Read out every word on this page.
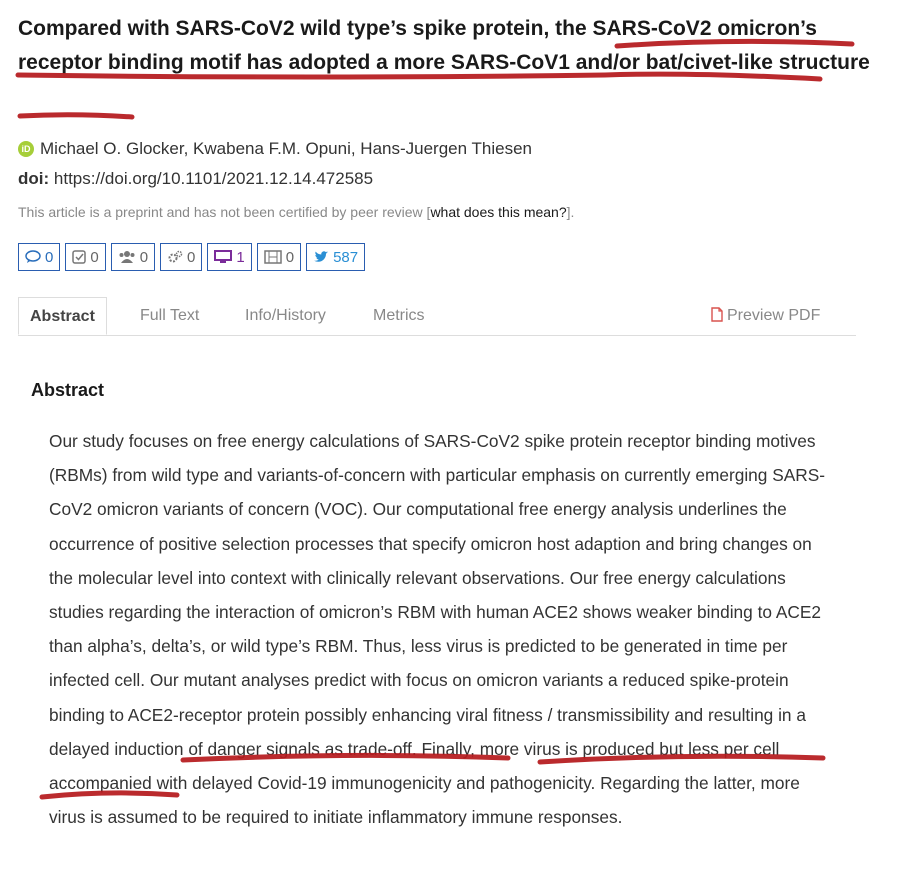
Compared with SARS-CoV2 wild type’s spike protein, the SARS-CoV2 omicron’s receptor binding motif has adopted a more SARS-CoV1 and/or bat/civet-like structure
iD Michael O. Glocker, Kwabena F.M. Opuni, Hans-Juergen Thiesen
doi: https://doi.org/10.1101/2021.12.14.472585
This article is a preprint and has not been certified by peer review [what does this mean?].
0 0	0	0	1	0	587
Abstract	Full Text	Info/History	Metrics	Preview PDF
Abstract

Our study focuses on free energy calculations of SARS-CoV2 spike protein receptor binding motives (RBMs) from wild type and variants-of-concern with particular emphasis on currently emerging SARS- CoV2 omicron variants of concern (VOC). Our computational free energy analysis underlines the occurrence of positive selection processes that specify omicron host adaption and bring changes on the molecular level into context with clinically relevant observations. Our free energy calculations studies regarding the interaction of omicron’s RBM with human ACE2 shows weaker binding to ACE2 than alpha’s, delta’s, or wild type’s RBM. Thus, less virus is predicted to be generated in time per infected cell. Our mutant analyses predict with focus on omicron variants a reduced spike-protein binding to ACE2-receptor protein possibly enhancing viral fitness / transmissibility and resulting in a delayed induction of danger signals as trade-off. Finally, more virus is produced but less per cell accompanied with delayed Covid-19 immunogenicity and pathogenicity. Regarding the latter, more virus is assumed to be required to initiate inflammatory immune responses.
